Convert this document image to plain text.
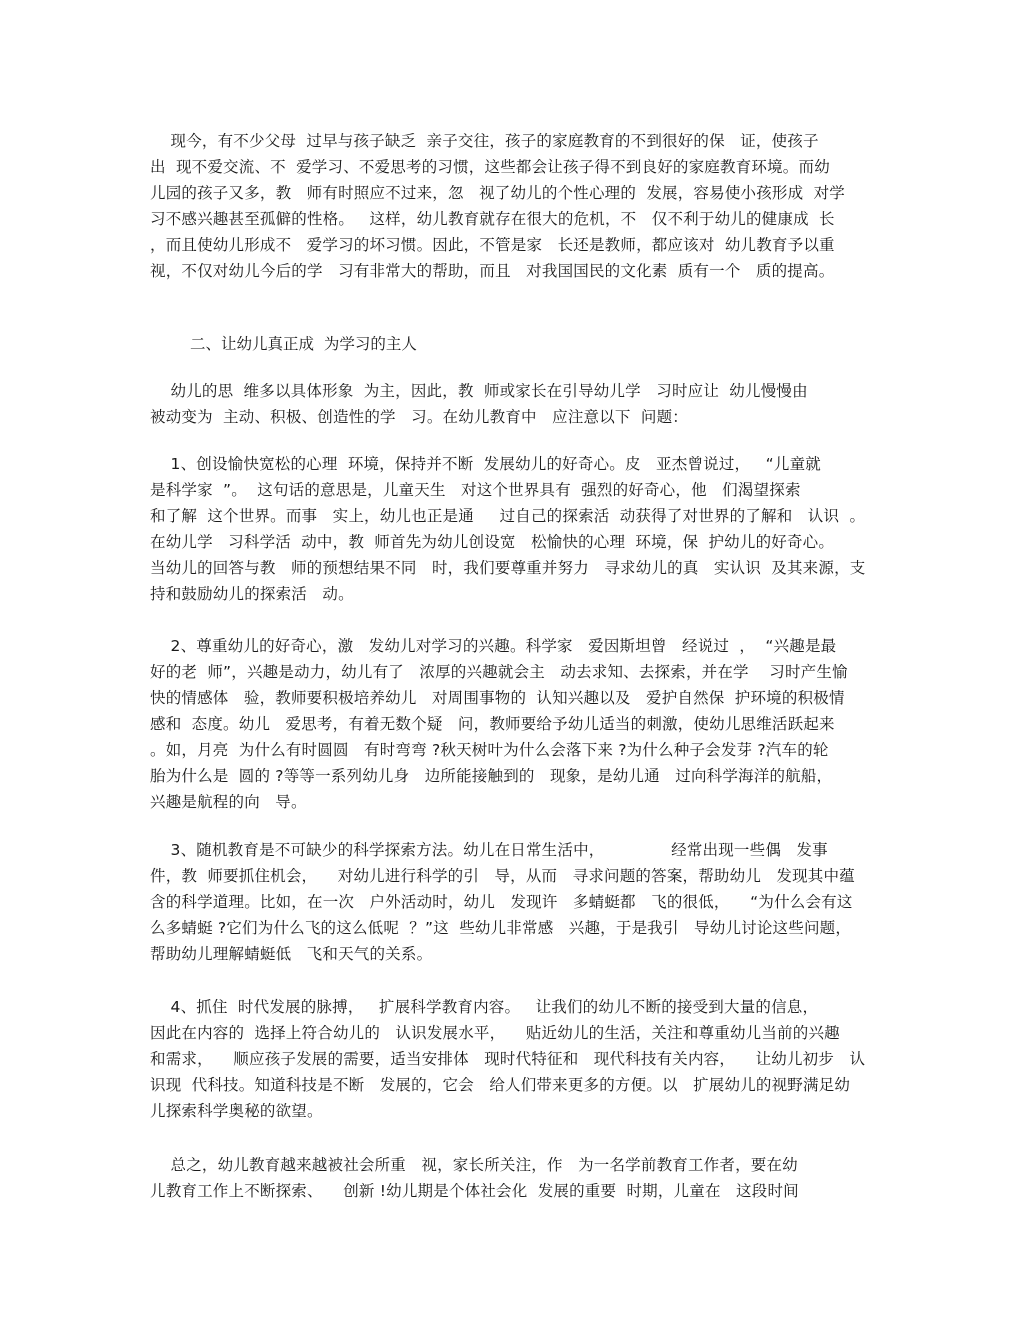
现今，有不少父母  过早与孩子缺乏  亲子交往，孩子的家庭教育的不到很好的保   证，使孩子
出  现不爱交流、不  爱学习、不爱思考的习惯，这些都会让孩子得不到良好的家庭教育环境。而幼
儿园的孩子又多，教   师有时照应不过来，忽   视了幼儿的个性心理的  发展，容易使小孩形成  对学
习不感兴趣甚至孤僻的性格。   这样，幼儿教育就存在很大的危机，不   仅不利于幼儿的健康成  长
，而且使幼儿形成不   爱学习的坏习惯。因此，不管是家   长还是教师，都应该对  幼儿教育予以重
视，不仅对幼儿今后的学   习有非常大的帮助，而且   对我国国民的文化素  质有一个   质的提高。
二、让幼儿真正成  为学习的主人
幼儿的思  维多以具体形象  为主，因此，教  师或家长在引导幼儿学   习时应让  幼儿慢慢由
被动变为  主动、积极、创造性的学   习。在幼儿教育中   应注意以下  问题：
1、创设愉快宽松的心理  环境，保持并不断  发展幼儿的好奇心。皮   亚杰曾说过，   “儿童就
是科学家  ”。  这句话的意思是，儿童天生   对这个世界具有  强烈的好奇心，他   们渴望探索
和了解  这个世界。而事   实上，幼儿也正是通     过自己的探索活  动获得了对世界的了解和   认识  。
在幼儿学   习科学活  动中，教  师首先为幼儿创设宽   松愉快的心理  环境，保  护幼儿的好奇心。
当幼儿的回答与教   师的预想结果不同   时，我们要尊重并努力   寻求幼儿的真   实认识  及其来源，支
持和鼓励幼儿的探索活   动。
2、尊重幼儿的好奇心，激   发幼儿对学习的兴趣。科学家   爱因斯坦曾   经说过  ，  “兴趣是最
好的老  师”，兴趣是动力，幼儿有了   浓厚的兴趣就会主   动去求知、去探索，并在学    习时产生愉
快的情感体   验，教师要积极培养幼儿   对周围事物的  认知兴趣以及   爱护自然保  护环境的积极情
感和  态度。幼儿   爱思考，有着无数个疑   问，教师要给予幼儿适当的刺激，使幼儿思维活跃起来
。如，月亮  为什么有时圆圆   有时弯弯 ?秋天树叶为什么会落下来 ?为什么种子会发芽 ?汽车的轮
胎为什么是  圆的 ?等等一系列幼儿身   边所能接触到的   现象，是幼儿通   过向科学海洋的航船，
兴趣是航程的向   导。
3、随机教育是不可缺少的科学探索方法。幼儿在日常生活中，             经常出现一些偶   发事
件，教  师要抓住机会，    对幼儿进行科学的引   导，从而   寻求问题的答案，帮助幼儿   发现其中蕴
含的科学道理。比如，在一次   户外活动时，幼儿   发现许   多蜻蜓都   飞的很低，    “为什么会有这
么多蜻蜓 ?它们为什么飞的这么低呢  ？”这  些幼儿非常感   兴趣，于是我引   导幼儿讨论这些问题，
帮助幼儿理解蜻蜓低   飞和天气的关系。
4、抓住  时代发展的脉搏，   扩展科学教育内容。   让我们的幼儿不断的接受到大量的信息，
因此在内容的  选择上符合幼儿的   认识发展水平，    贴近幼儿的生活，关注和尊重幼儿当前的兴趣
和需求，    顺应孩子发展的需要，适当安排体   现时代特征和   现代科技有关内容，    让幼儿初步   认
识现  代科技。知道科技是不断   发展的，它会   给人们带来更多的方便。以   扩展幼儿的视野满足幼
儿探索科学奥秘的欲望。
总之，幼儿教育越来越被社会所重   视，家长所关注，作   为一名学前教育工作者，要在幼
儿教育工作上不断探索、    创新 !幼儿期是个体社会化  发展的重要  时期，儿童在   这段时间
